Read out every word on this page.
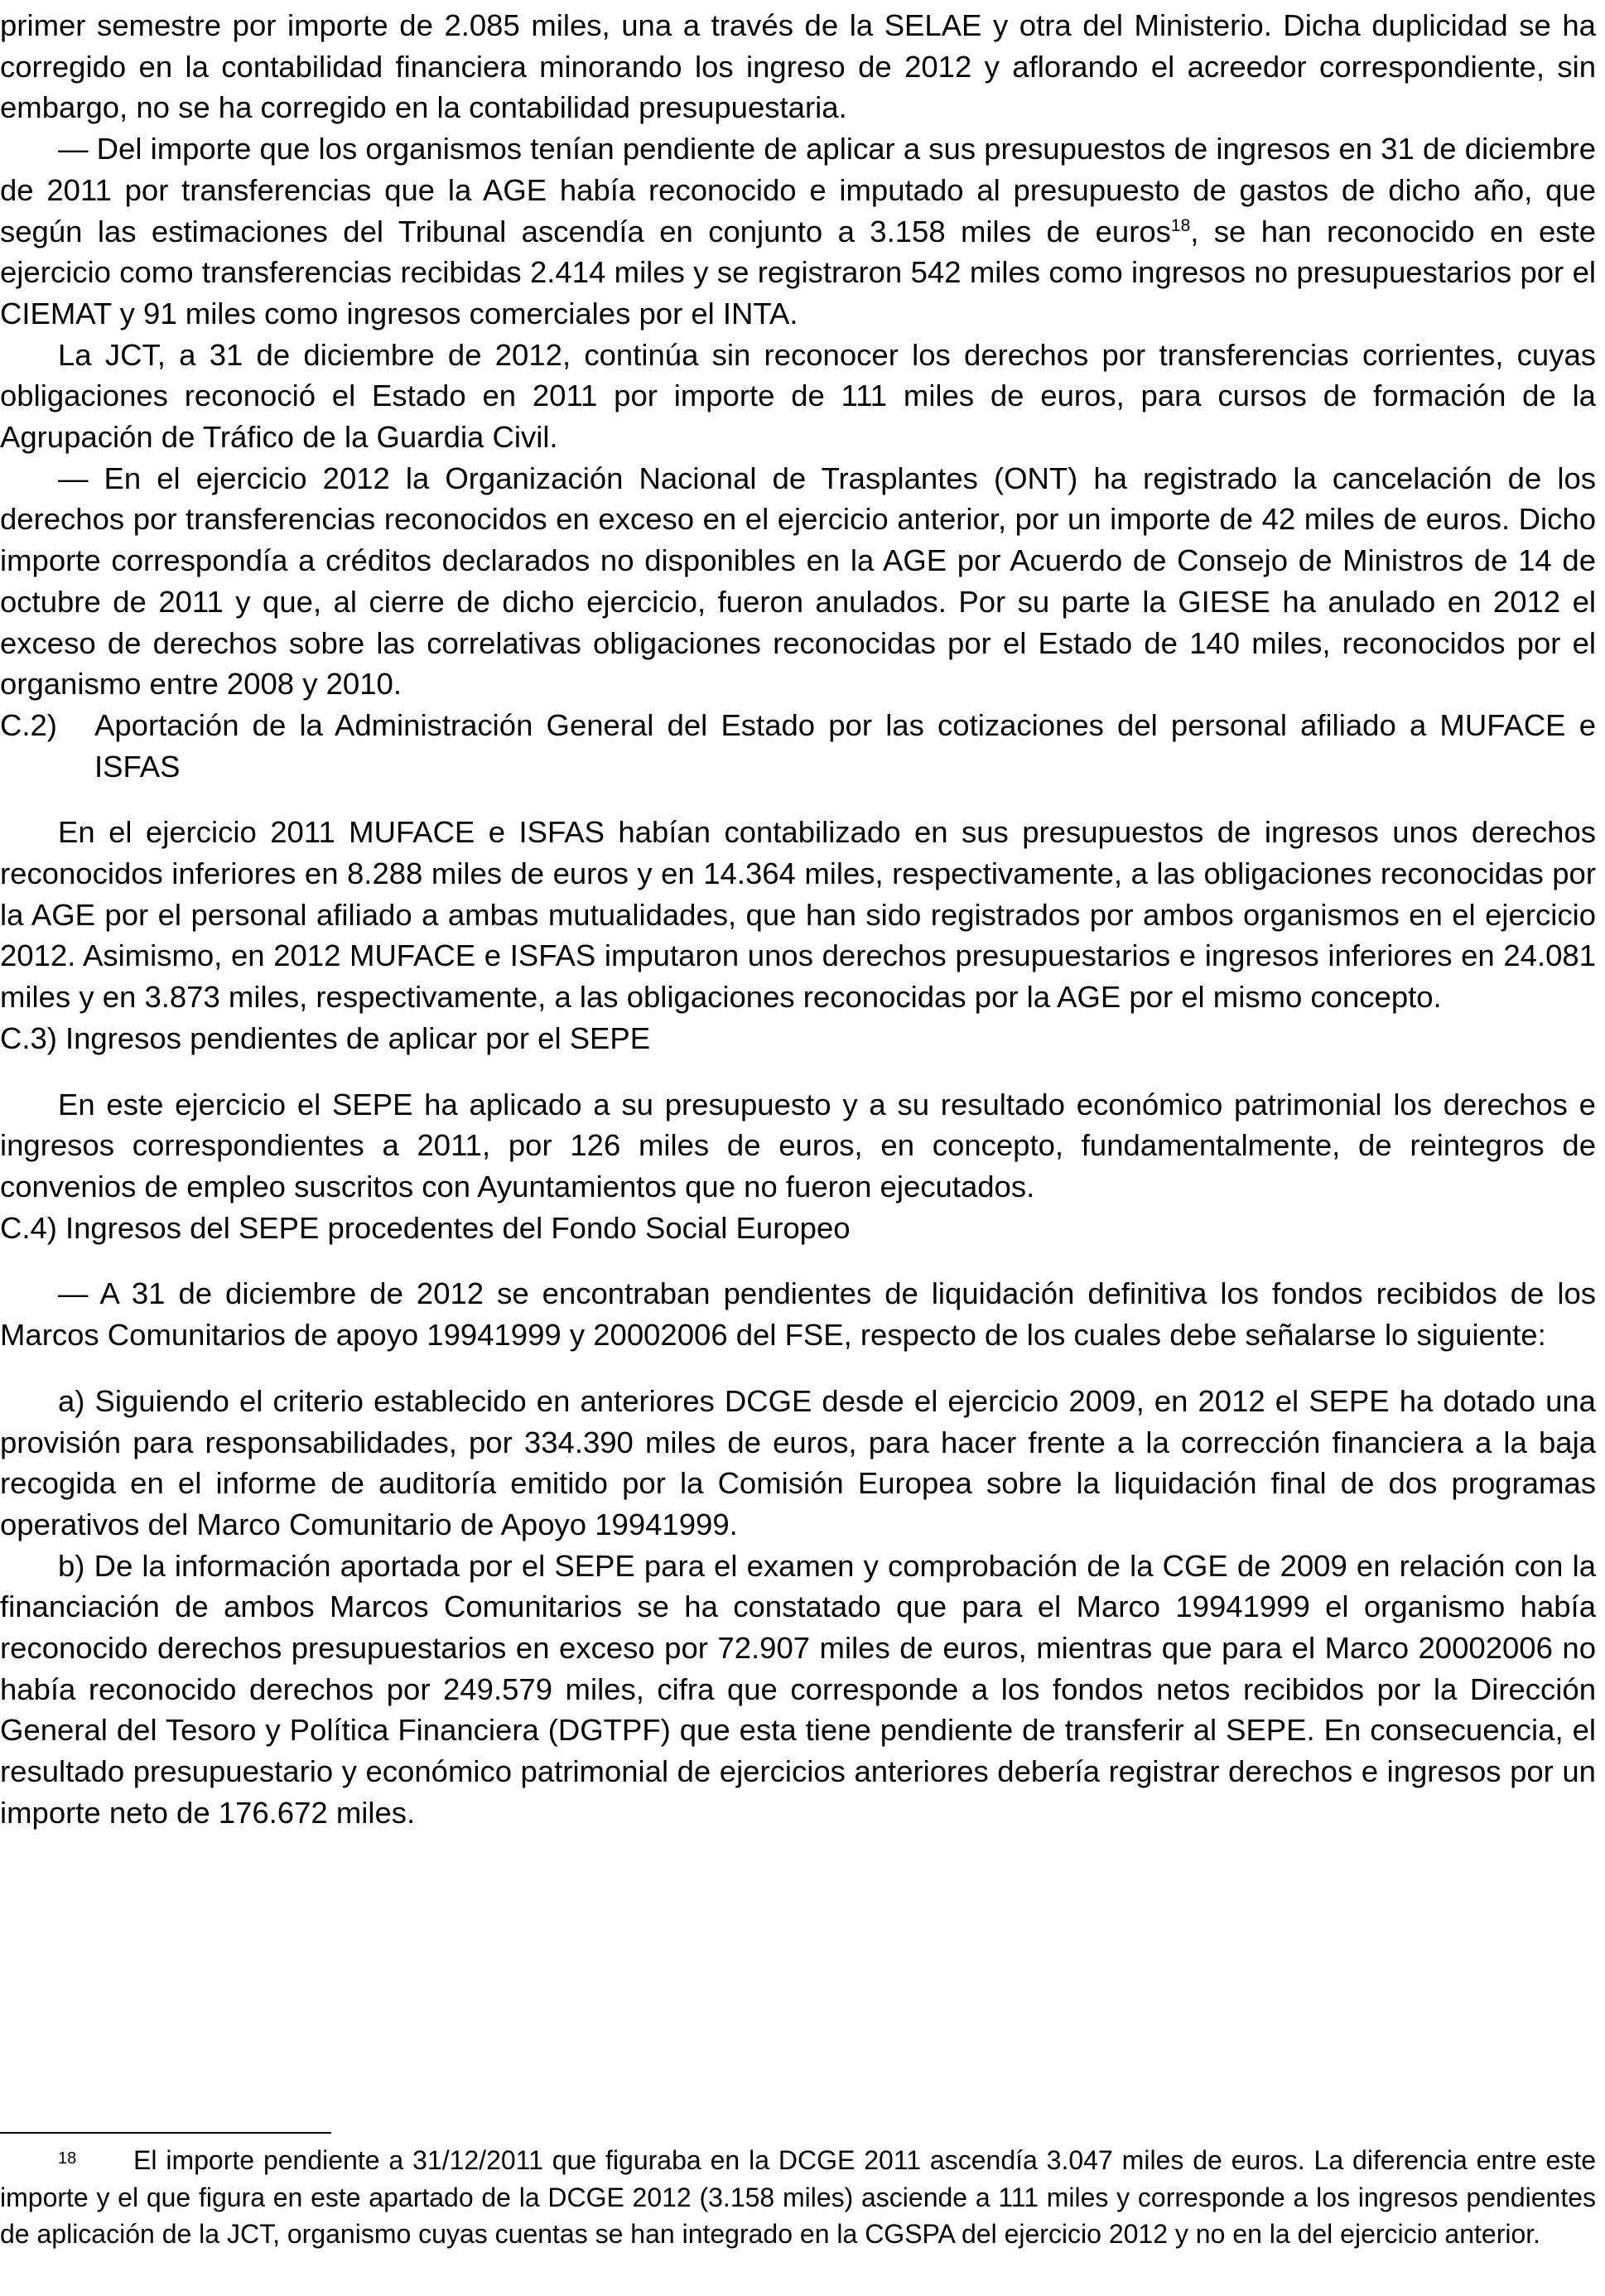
primer semestre por importe de 2.085 miles, una a través de la SELAE y otra del Ministerio. Dicha duplicidad se ha corregido en la contabilidad financiera minorando los ingreso de 2012 y aflorando el acreedor correspondiente, sin embargo, no se ha corregido en la contabilidad presupuestaria.

— Del importe que los organismos tenían pendiente de aplicar a sus presupuestos de ingresos en 31 de diciembre de 2011 por transferencias que la AGE había reconocido e imputado al presupuesto de gastos de dicho año, que según las estimaciones del Tribunal ascendía en conjunto a 3.158 miles de euros$^{18}$, se han reconocido en este ejercicio como transferencias recibidas 2.414 miles y se registraron 542 miles como ingresos no presupuestarios por el CIEMAT y 91 miles como ingresos comerciales por el INTA.

La JCT, a 31 de diciembre de 2012, continúa sin reconocer los derechos por transferencias corrientes, cuyas obligaciones reconoció el Estado en 2011 por importe de 111 miles de euros, para cursos de formación de la Agrupación de Tráfico de la Guardia Civil.

— En el ejercicio 2012 la Organización Nacional de Trasplantes (ONT) ha registrado la cancelación de los derechos por transferencias reconocidos en exceso en el ejercicio anterior, por un importe de 42 miles de euros. Dicho importe correspondía a créditos declarados no disponibles en la AGE por Acuerdo de Consejo de Ministros de 14 de octubre de 2011 y que, al cierre de dicho ejercicio, fueron anulados. Por su parte la GIESE ha anulado en 2012 el exceso de derechos sobre las correlativas obligaciones reconocidas por el Estado de 140 miles, reconocidos por el organismo entre 2008 y 2010.

C.2)	Aportación de la Administración General del Estado por las cotizaciones del personal afiliado a MUFACE e ISFAS

En el ejercicio 2011 MUFACE e ISFAS habían contabilizado en sus presupuestos de ingresos unos derechos reconocidos inferiores en 8.288 miles de euros y en 14.364 miles, respectivamente, a las obligaciones reconocidas por la AGE por el personal afiliado a ambas mutualidades, que han sido registrados por ambos organismos en el ejercicio 2012. Asimismo, en 2012 MUFACE e ISFAS imputaron unos derechos presupuestarios e ingresos inferiores en 24.081 miles y en 3.873 miles, respectivamente, a las obligaciones reconocidas por la AGE por el mismo concepto.

C.3) Ingresos pendientes de aplicar por el SEPE

En este ejercicio el SEPE ha aplicado a su presupuesto y a su resultado económico patrimonial los derechos e ingresos correspondientes a 2011, por 126 miles de euros, en concepto, fundamentalmente, de reintegros de convenios de empleo suscritos con Ayuntamientos que no fueron ejecutados.

C.4) Ingresos del SEPE procedentes del Fondo Social Europeo

— A 31 de diciembre de 2012 se encontraban pendientes de liquidación definitiva los fondos recibidos de los Marcos Comunitarios de apoyo 19941999 y 20002006 del FSE, respecto de los cuales debe señalarse lo siguiente:

a) Siguiendo el criterio establecido en anteriores DCGE desde el ejercicio 2009, en 2012 el SEPE ha dotado una provisión para responsabilidades, por 334.390 miles de euros, para hacer frente a la corrección financiera a la baja recogida en el informe de auditoría emitido por la Comisión Europea sobre la liquidación final de dos programas operativos del Marco Comunitario de Apoyo 19941999.

b) De la información aportada por el SEPE para el examen y comprobación de la CGE de 2009 en relación con la financiación de ambos Marcos Comunitarios se ha constatado que para el Marco 19941999 el organismo había reconocido derechos presupuestarios en exceso por 72.907 miles de euros, mientras que para el Marco 20002006 no había reconocido derechos por 249.579 miles, cifra que corresponde a los fondos netos recibidos por la Dirección General del Tesoro y Política Financiera (DGTPF) que esta tiene pendiente de transferir al SEPE. En consecuencia, el resultado presupuestario y económico patrimonial de ejercicios anteriores debería registrar derechos e ingresos por un importe neto de 176.672 miles.

18 El importe pendiente a 31/12/2011 que figuraba en la DCGE 2011 ascendía 3.047 miles de euros. La diferencia entre este importe y el que figura en este apartado de la DCGE 2012 (3.158 miles) asciende a 111 miles y corresponde a los ingresos pendientes de aplicación de la JCT, organismo cuyas cuentas se han integrado en la CGSPA del ejercicio 2012 y no en la del ejercicio anterior.
